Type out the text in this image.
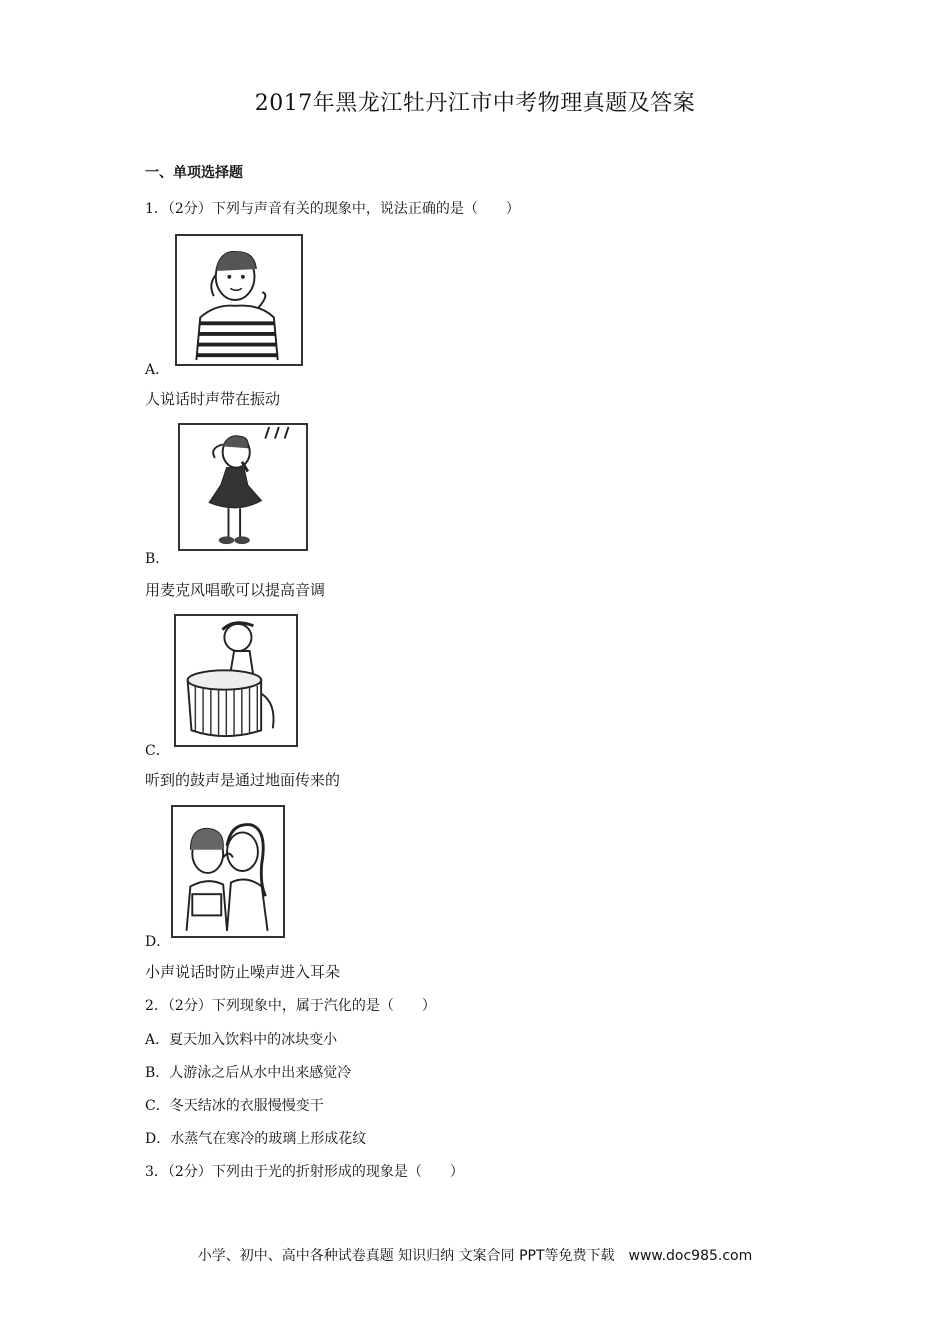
2017年黑龙江牡丹江市中考物理真题及答案
一、单项选择题
1．（2分）下列与声音有关的现象中，说法正确的是（　　）
A．
人说话时声带在振动
B．
用麦克风唱歌可以提高音调
C．
听到的鼓声是通过地面传来的
D．
小声说话时防止噪声进入耳朵
2．（2分）下列现象中，属于汽化的是（　　）
A．夏天加入饮料中的冰块变小
B．人游泳之后从水中出来感觉冷
C．冬天结冰的衣服慢慢变干
D．水蒸气在寒冷的玻璃上形成花纹
3．（2分）下列由于光的折射形成的现象是（　　）
小学、初中、高中各种试卷真题 知识归纳 文案合同 PPT等免费下载　www.doc985.com
